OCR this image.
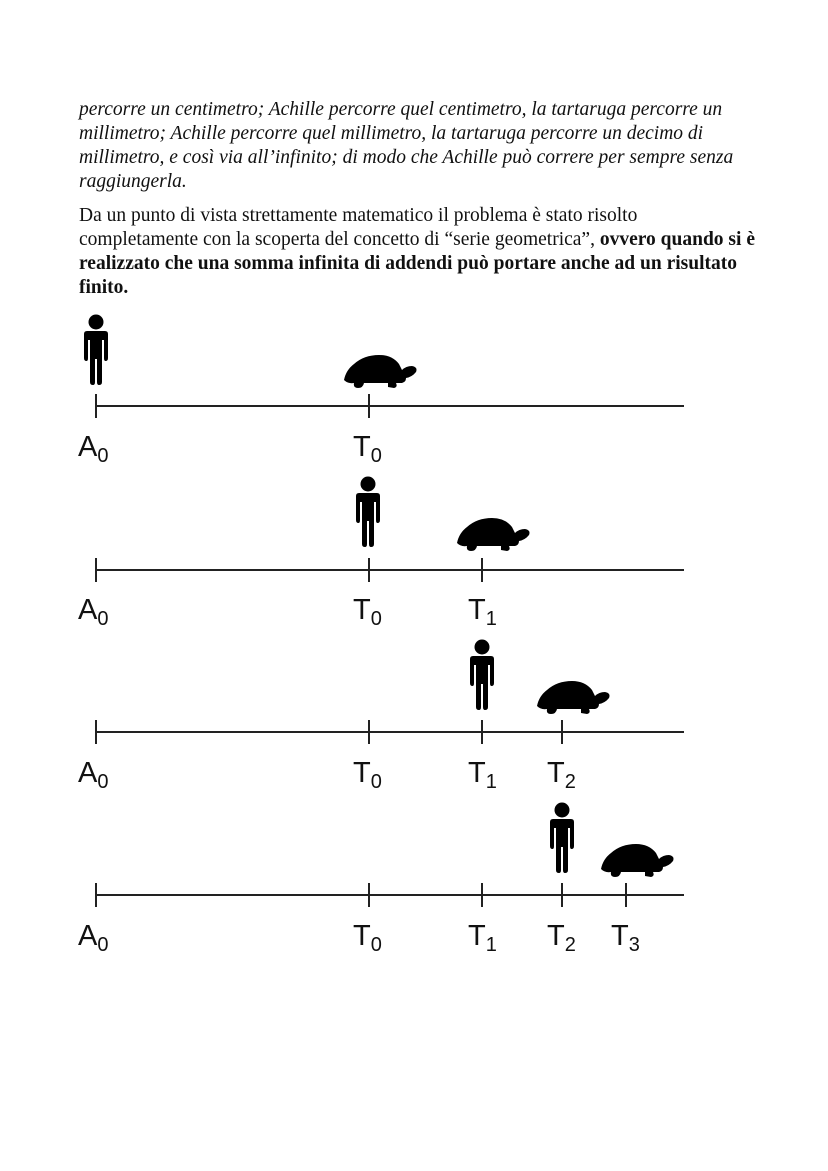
percorre un centimetro; Achille percorre quel centimetro, la tartaruga percorre un millimetro; Achille percorre quel millimetro, la tartaruga percorre un decimo di millimetro, e così via all’infinito; di modo che Achille può correre per sempre senza raggiungerla.

Da un punto di vista strettamente matematico il problema è stato risolto completamente con la scoperta del concetto di “serie geometrica”, ovvero quando si è realizzato che una somma infinita di addendi può portare anche ad un risultato finito.

$A_0$	$T_0$
$A_0$	$T_0$	$T_1$
$A_0$	$T_0$	$T_1$ $T_2$
$A_0$	$T_0$	$T_1$ $T_2$ $T_3$
